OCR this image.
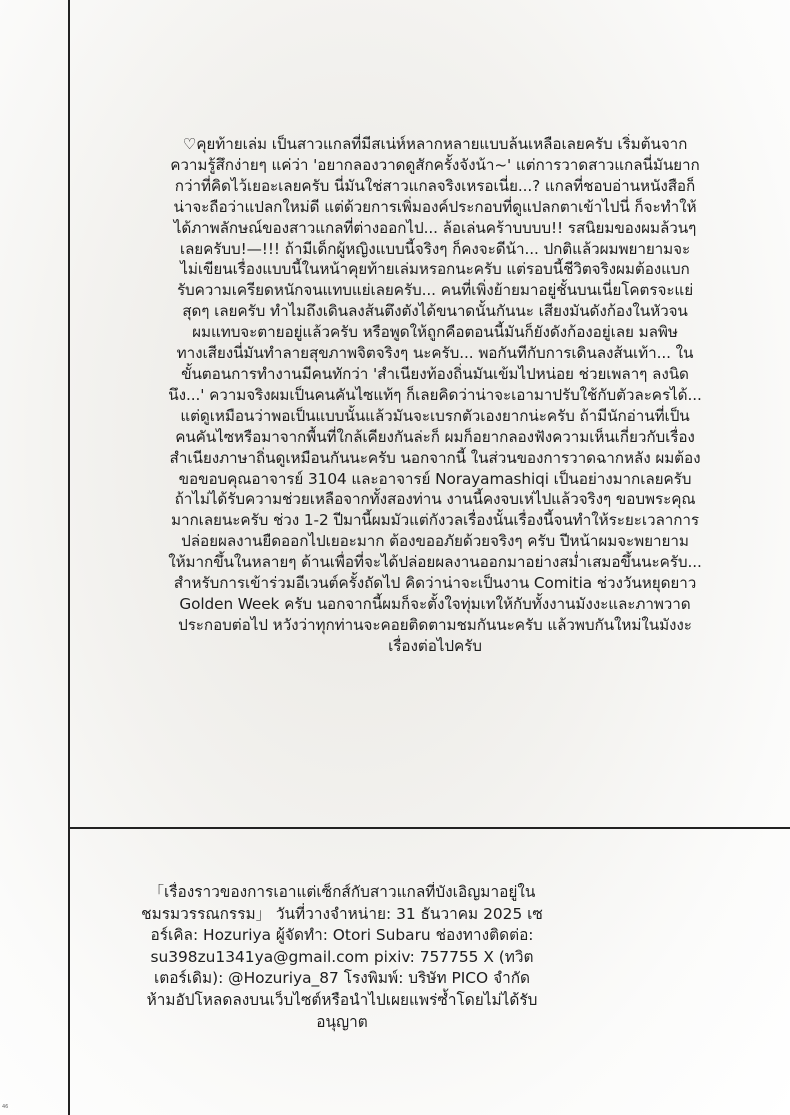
♡คุยท้ายเล่ม เป็นสาวแกลที่มีสเน่ห์หลากหลายแบบล้นเหลือเลยครับ เริ่มต้นจาก
ความรู้สึกง่ายๆ แค่ว่า 'อยากลองวาดดูสักครั้งจังน้า~' แต่การวาดสาวแกลนี่มันยาก
กว่าที่คิดไว้เยอะเลยครับ นี่มันใช่สาวแกลจริงเหรอเนี่ย...? แกลที่ชอบอ่านหนังสือก็
น่าจะถือว่าแปลกใหม่ดี แต่ด้วยการเพิ่มองค์ประกอบที่ดูแปลกตาเข้าไปนี่ ก็จะทำให้
ได้ภาพลักษณ์ของสาวแกลที่ต่างออกไป... ล้อเล่นคร้าบบบบ!! รสนิยมของผมล้วนๆ
เลยครับบ!—!!! ถ้ามีเด็กผู้หญิงแบบนี้จริงๆ ก็คงจะดีน้า... ปกติแล้วผมพยายามจะ
ไม่เขียนเรื่องแบบนี้ในหน้าคุยท้ายเล่มหรอกนะครับ แต่รอบนี้ชีวิตจริงผมต้องแบก
รับความเครียดหนักจนแทบแย่เลยครับ... คนที่เพิ่งย้ายมาอยู่ชั้นบนเนี่ยโคตรจะแย่
สุดๆ เลยครับ ทำไมถึงเดินลงส้นตึงตังได้ขนาดนั้นกันนะ เสียงมันดังก้องในหัวจน
ผมแทบจะตายอยู่แล้วครับ หรือพูดให้ถูกคือตอนนี้มันก็ยังดังก้องอยู่เลย มลพิษ
ทางเสียงนี่มันทำลายสุขภาพจิตจริงๆ นะครับ... พอกันทีกับการเดินลงส้นเท้า... ใน
ขั้นตอนการทำงานมีคนทักว่า 'สำเนียงท้องถิ่นมันเข้มไปหน่อย ช่วยเพลาๆ ลงนิด
นึง...' ความจริงผมเป็นคนคันไซแท้ๆ ก็เลยคิดว่าน่าจะเอามาปรับใช้กับตัวละครได้...
แต่ดูเหมือนว่าพอเป็นแบบนั้นแล้วมันจะเบรกตัวเองยากน่ะครับ ถ้ามีนักอ่านที่เป็น
คนคันไซหรือมาจากพื้นที่ใกล้เคียงกันล่ะก็ ผมก็อยากลองฟังความเห็นเกี่ยวกับเรื่อง
สำเนียงภาษาถิ่นดูเหมือนกันนะครับ นอกจากนี้ ในส่วนของการวาดฉากหลัง ผมต้อง
ขอขอบคุณอาจารย์ 3104 และอาจารย์ Norayamashiqi เป็นอย่างมากเลยครับ
ถ้าไม่ได้รับความช่วยเหลือจากทั้งสองท่าน งานนี้คงจบเห่ไปแล้วจริงๆ ขอบพระคุณ
มากเลยนะครับ ช่วง 1-2 ปีมานี้ผมมัวแต่กังวลเรื่องนั้นเรื่องนี้จนทำให้ระยะเวลาการ
ปล่อยผลงานยืดออกไปเยอะมาก ต้องขออภัยด้วยจริงๆ ครับ ปีหน้าผมจะพยายาม
ให้มากขึ้นในหลายๆ ด้านเพื่อที่จะได้ปล่อยผลงานออกมาอย่างสม่ำเสมอขึ้นนะครับ...
สำหรับการเข้าร่วมอีเวนต์ครั้งถัดไป คิดว่าน่าจะเป็นงาน Comitia ช่วงวันหยุดยาว
Golden Week ครับ นอกจากนี้ผมก็จะตั้งใจทุ่มเทให้กับทั้งงานมังงะและภาพวาด
ประกอบต่อไป หวังว่าทุกท่านจะคอยติดตามชมกันนะครับ แล้วพบกันใหม่ในมังงะ
เรื่องต่อไปครับ
「เรื่องราวของการเอาแต่เซ็กส์กับสาวแกลที่บังเอิญมาอยู่ใน
ชมรมวรรณกรรม」 วันที่วางจำหน่าย: 31 ธันวาคม 2025 เซ
อร์เคิล: Hozuriya ผู้จัดทำ: Otori Subaru ช่องทางติดต่อ:
su398zu1341ya@gmail.com pixiv: 757755 X (ทวิต
เตอร์เดิม): @Hozuriya_87 โรงพิมพ์: บริษัท PICO จำกัด
ห้ามอัปโหลดลงบนเว็บไซต์หรือนำไปเผยแพร่ซ้ำโดยไม่ได้รับ
อนุญาต
46
